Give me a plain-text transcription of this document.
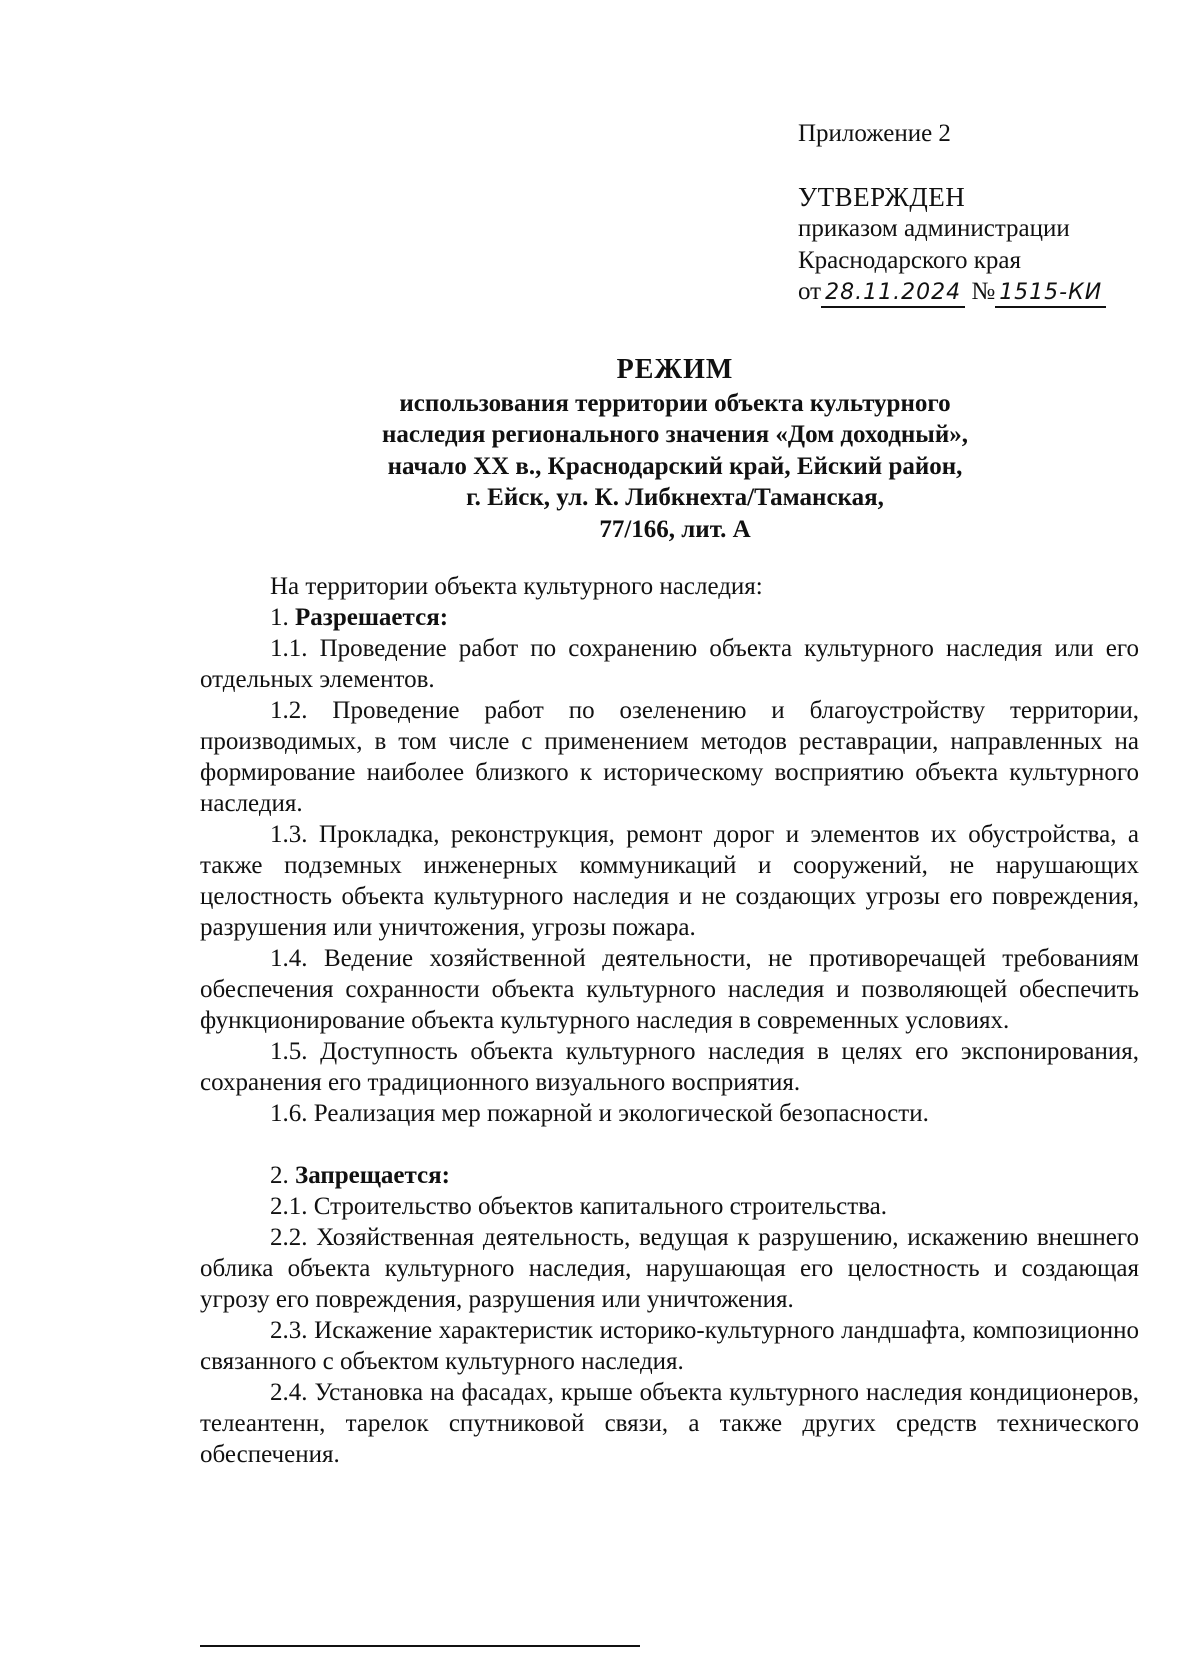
Приложение 2
УТВЕРЖДЕН
приказом администрации
Краснодарского края
от 28.11.2024 № 1515-КИ
РЕЖИМ
использования территории объекта культурного
наследия регионального значения «Дом доходный»,
начало XX в., Краснодарский край, Ейский район,
г. Ейск, ул. К. Либкнехта/Таманская,
77/166, лит. А

На территории объекта культурного наследия:

1. Разрешается:

1.1. Проведение работ по сохранению объекта культурного наследия или его отдельных элементов.

1.2. Проведение работ по озеленению и благоустройству территории, производимых, в том числе с применением методов реставрации, направленных на формирование наиболее близкого к историческому восприятию объекта культурного наследия.

1.3. Прокладка, реконструкция, ремонт дорог и элементов их обустройства, а также подземных инженерных коммуникаций и сооружений, не нарушающих целостность объекта культурного наследия и не создающих угрозы его повреждения, разрушения или уничтожения, угрозы пожара.

1.4. Ведение хозяйственной деятельности, не противоречащей требованиям обеспечения сохранности объекта культурного наследия и позволяющей обеспечить функционирование объекта культурного наследия в современных условиях.

1.5. Доступность объекта культурного наследия в целях его экспонирования, сохранения его традиционного визуального восприятия.

1.6. Реализация мер пожарной и экологической безопасности.

2. Запрещается:

2.1. Строительство объектов капитального строительства.

2.2. Хозяйственная деятельность, ведущая к разрушению, искажению внешнего облика объекта культурного наследия, нарушающая его целостность и создающая угрозу его повреждения, разрушения или уничтожения.

2.3. Искажение характеристик историко-культурного ландшафта, композиционно связанного с объектом культурного наследия.

2.4. Установка на фасадах, крыше объекта культурного наследия кондиционеров, телеантенн, тарелок спутниковой связи, а также других средств технического обеспечения.
